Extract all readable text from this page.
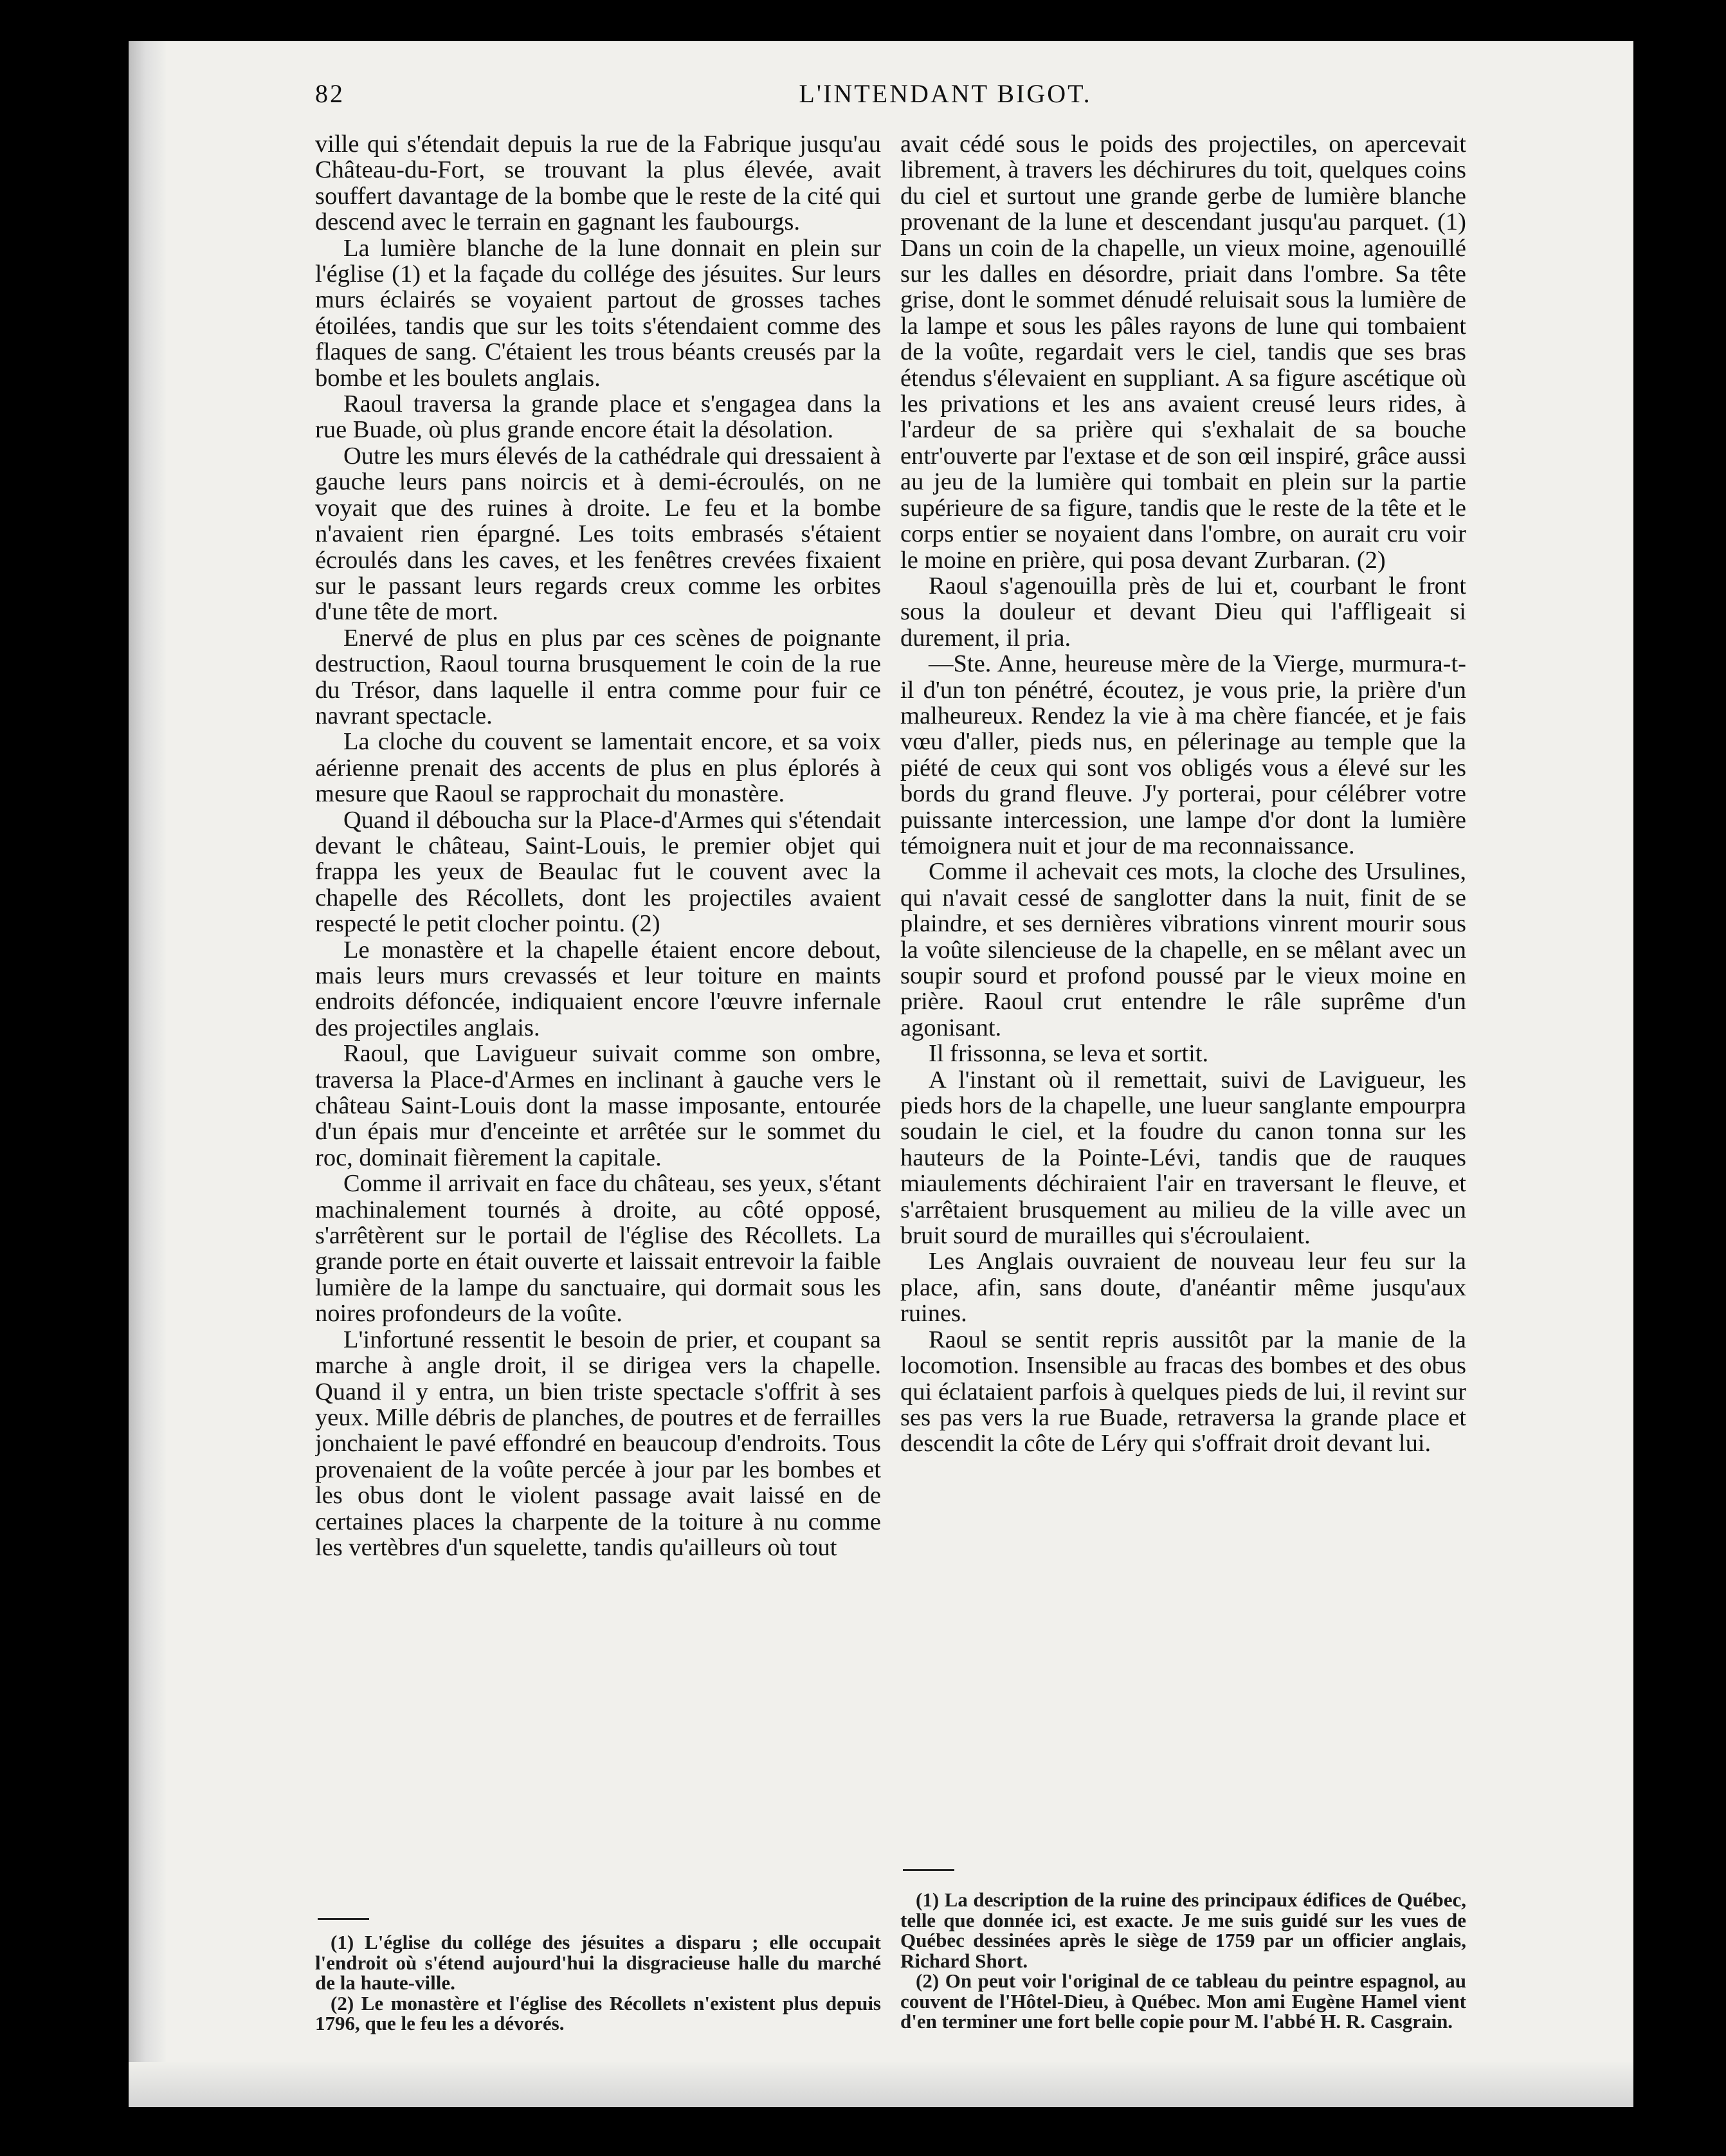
82	L'INTENDANT BIGOT.

ville qui s'étendait depuis la rue de la Fabrique jusqu'au Château-du-Fort, se trouvant la plus élevée, avait souffert davantage de la bombe que le reste de la cité qui descend avec le terrain en gagnant les faubourgs.

La lumière blanche de la lune donnait en plein sur l'église (1) et la façade du collége des jésuites. Sur leurs murs éclairés se voyaient partout de grosses taches étoilées, tandis que sur les toits s'étendaient comme des flaques de sang. C'étaient les trous béants creusés par la bombe et les boulets anglais.

Raoul traversa la grande place et s'engagea dans la rue Buade, où plus grande encore était la désolation.

Outre les murs élevés de la cathédrale qui dressaient à gauche leurs pans noircis et à demi-écroulés, on ne voyait que des ruines à droite. Le feu et la bombe n'avaient rien épargné. Les toits embrasés s'étaient écroulés dans les caves, et les fenêtres crevées fixaient sur le passant leurs regards creux comme les orbites d'une tête de mort.

Enervé de plus en plus par ces scènes de poignante destruction, Raoul tourna brusquement le coin de la rue du Trésor, dans laquelle il entra comme pour fuir ce navrant spectacle.

La cloche du couvent se lamentait encore, et sa voix aérienne prenait des accents de plus en plus éplorés à mesure que Raoul se rapprochait du monastère.

Quand il déboucha sur la Place-d'Armes qui s'étendait devant le château, Saint-Louis, le premier objet qui frappa les yeux de Beaulac fut le couvent avec la chapelle des Récollets, dont les projectiles avaient respecté le petit clocher pointu. (2)

Le monastère et la chapelle étaient encore debout, mais leurs murs crevassés et leur toiture en maints endroits défoncée, indiquaient encore l'œuvre infernale des projectiles anglais.

Raoul, que Lavigueur suivait comme son ombre, traversa la Place-d'Armes en inclinant à gauche vers le château Saint-Louis dont la masse imposante, entourée d'un épais mur d'enceinte et arrêtée sur le sommet du roc, dominait fièrement la capitale.

Comme il arrivait en face du château, ses yeux, s'étant machinalement tournés à droite, au côté opposé, s'arrêtèrent sur le portail de l'église des Récollets. La grande porte en était ouverte et laissait entrevoir la faible lumière de la lampe du sanctuaire, qui dormait sous les noires profondeurs de la voûte.

L'infortuné ressentit le besoin de prier, et coupant sa marche à angle droit, il se dirigea vers la chapelle. Quand il y entra, un bien triste spectacle s'offrit à ses yeux. Mille débris de planches, de poutres et de ferrailles jonchaient le pavé effondré en beaucoup d'endroits. Tous provenaient de la voûte percée à jour par les bombes et les obus dont le violent passage avait laissé en de certaines places la charpente de la toiture à nu comme les vertèbres d'un squelette, tandis qu'ailleurs où tout

(1) L'église du collége des jésuites a disparu ; elle occupait l'endroit où s'étend aujourd'hui la disgracieuse halle du marché de la haute-ville.

(2) Le monastère et l'église des Récollets n'existent plus depuis 1796, que le feu les a dévorés.

avait cédé sous le poids des projectiles, on apercevait librement, à travers les déchirures du toit, quelques coins du ciel et surtout une grande gerbe de lumière blanche provenant de la lune et descendant jusqu'au parquet. (1) Dans un coin de la chapelle, un vieux moine, agenouillé sur les dalles en désordre, priait dans l'ombre. Sa tête grise, dont le sommet dénudé reluisait sous la lumière de la lampe et sous les pâles rayons de lune qui tombaient de la voûte, regardait vers le ciel, tandis que ses bras étendus s'élevaient en suppliant. A sa figure ascétique où les privations et les ans avaient creusé leurs rides, à l'ardeur de sa prière qui s'exhalait de sa bouche entr'ouverte par l'extase et de son œil inspiré, grâce aussi au jeu de la lumière qui tombait en plein sur la partie supérieure de sa figure, tandis que le reste de la tête et le corps entier se noyaient dans l'ombre, on aurait cru voir le moine en prière, qui posa devant Zurbaran. (2)

Raoul s'agenouilla près de lui et, courbant le front sous la douleur et devant Dieu qui l'affligeait si durement, il pria.

—Ste. Anne, heureuse mère de la Vierge, murmura-t-il d'un ton pénétré, écoutez, je vous prie, la prière d'un malheureux. Rendez la vie à ma chère fiancée, et je fais vœu d'aller, pieds nus, en pélerinage au temple que la piété de ceux qui sont vos obligés vous a élevé sur les bords du grand fleuve. J'y porterai, pour célébrer votre puissante intercession, une lampe d'or dont la lumière témoignera nuit et jour de ma reconnaissance.

Comme il achevait ces mots, la cloche des Ursulines, qui n'avait cessé de sanglotter dans la nuit, finit de se plaindre, et ses dernières vibrations vinrent mourir sous la voûte silencieuse de la chapelle, en se mêlant avec un soupir sourd et profond poussé par le vieux moine en prière. Raoul crut entendre le râle suprême d'un agonisant.

Il frissonna, se leva et sortit.

A l'instant où il remettait, suivi de Lavigueur, les pieds hors de la chapelle, une lueur sanglante empourpra soudain le ciel, et la foudre du canon tonna sur les hauteurs de la Pointe-Lévi, tandis que de rauques miaulements déchiraient l'air en traversant le fleuve, et s'arrêtaient brusquement au milieu de la ville avec un bruit sourd de murailles qui s'écroulaient.

Les Anglais ouvraient de nouveau leur feu sur la place, afin, sans doute, d'anéantir même jusqu'aux ruines.

Raoul se sentit repris aussitôt par la manie de la locomotion. Insensible au fracas des bombes et des obus qui éclataient parfois à quelques pieds de lui, il revint sur ses pas vers la rue Buade, retraversa la grande place et descendit la côte de Léry qui s'offrait droit devant lui.

(1) La description de la ruine des principaux édifices de Québec, telle que donnée ici, est exacte. Je me suis guidé sur les vues de Québec dessinées après le siège de 1759 par un officier anglais, Richard Short.

(2) On peut voir l'original de ce tableau du peintre espagnol, au couvent de l'Hôtel-Dieu, à Québec. Mon ami Eugène Hamel vient d'en terminer une fort belle copie pour M. l'abbé H. R. Casgrain.
